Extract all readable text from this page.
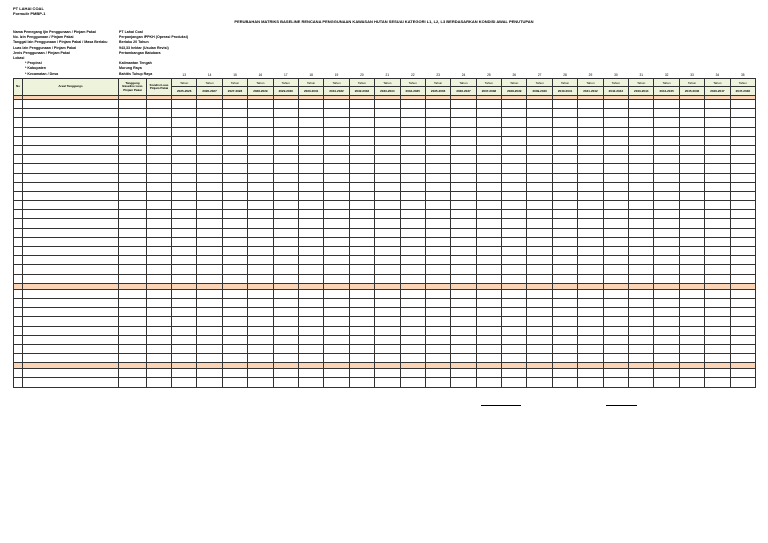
PT LAHAI COAL
Formulir PMBP-1
PERUBAHAN MATRIKS BASELINE RENCANA PENGGUNAAN KAWASAN HUTAN SESUAI KATEGORI L1, L2, L3 BERDASARKAN KONDISI AWAL PENUTUPAN
Nama Pemegang Ijin Penggunaan / Pinjam Pakai	PT Lahai Coal
No. Izin Penggunaan / Pinjam Pakai	Perpanjangan IPPKH (Operasi Produksi)
Tanggal Izin Penggunaan / Pinjam Pakai / Masa Berlaku	Berlaku 20 Tahun
Luas Izin Penggunaan / Pinjam Pakai	943,33 hektar (Usulan Revisi)
Jenis Penggunaan / Pinjam Pakai	Pertambangan Batubara
Lokasi
* Propinsi	Kalimantan Tengah
* Kabupaten	Murung Raya
* Kecamatan / Desa	Bahitis Tuhup Raya
					13	14	15	16	17	18	19	20	21	22	23	24	25	26	27	28	29	30	31	32	33	34	35
No	Areal Tanggungs	Tanggung Baseline Luas Pinjam Pakai	Kondisi Luas Pinjam Pakai	Tahun	Tahun	Tahun	Tahun	Tahun	Tahun	Tahun	Tahun	Tahun	Tahun	Tahun	Tahun	Tahun	Tahun	Tahun	Tahun	Tahun	Tahun	Tahun	Tahun	Tahun	Tahun	Tahun
				2025-2026	2026-2027	2027-2028	2028-2029	2029-2030	2030-2031	2031-2032	2032-2033	2033-2034	2034-2035	2035-2036	2036-2037	2037-2038	2038-2039	2039-2040	2040-2041	2041-2042	2042-2043	2043-2044	2044-2045	2045-2046	2046-2047	2047-2048
